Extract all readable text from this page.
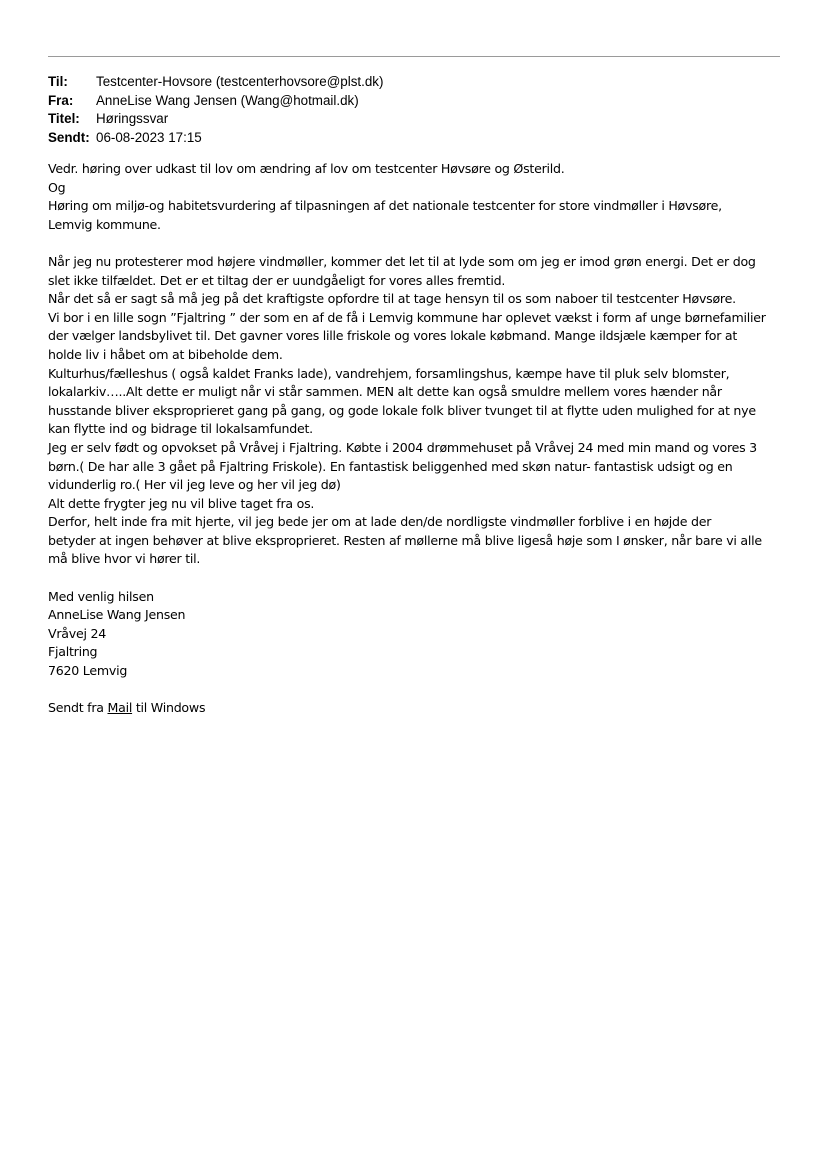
Til:	Testcenter-Hovsore (testcenterhovsore@plst.dk)
Fra:	AnneLise Wang Jensen (Wang@hotmail.dk)
Titel:	Høringssvar
Sendt: 06-08-2023 17:15

Vedr. høring over udkast til lov om ændring af lov om testcenter Høvsøre og Østerild.

Og

Høring om miljø-og habitetsvurdering af tilpasningen af det nationale testcenter for store vindmøller i Høvsøre,

Lemvig kommune.

Når jeg nu protesterer mod højere vindmøller, kommer det let til at lyde som om jeg er imod grøn energi. Det er dog

slet ikke tilfældet. Det er et tiltag der er uundgåeligt for vores alles fremtid.

Når det så er sagt så må jeg på det kraftigste opfordre til at tage hensyn til os som naboer til testcenter Høvsøre.

Vi bor i en lille sogn ”Fjaltring ” der som en af de få i Lemvig kommune har oplevet vækst i form af unge børnefamilier

der vælger landsbylivet til. Det gavner vores lille friskole og vores lokale købmand. Mange ildsjæle kæmper for at

holde liv i håbet om at bibeholde dem.

Kulturhus/fælleshus ( også kaldet Franks lade), vandrehjem, forsamlingshus, kæmpe have til pluk selv blomster,

lokalarkiv…..Alt dette er muligt når vi står sammen. MEN alt dette kan også smuldre mellem vores hænder når

husstande bliver eksproprieret gang på gang, og gode lokale folk bliver tvunget til at flytte uden mulighed for at nye

kan flytte ind og bidrage til lokalsamfundet.

Jeg er selv født og opvokset på Vråvej i Fjaltring. Købte i 2004 drømmehuset på Vråvej 24 med min mand og vores 3

børn.( De har alle 3 gået på Fjaltring Friskole). En fantastisk beliggenhed med skøn natur- fantastisk udsigt og en

vidunderlig ro.( Her vil jeg leve og her vil jeg dø)

Alt dette frygter jeg nu vil blive taget fra os.

Derfor, helt inde fra mit hjerte, vil jeg bede jer om at lade den/de nordligste vindmøller forblive i en højde der

betyder at ingen behøver at blive eksproprieret. Resten af møllerne må blive ligeså høje som I ønsker, når bare vi alle

må blive hvor vi hører til.

Med venlig hilsen

AnneLise Wang Jensen

Vråvej 24

Fjaltring

7620 Lemvig

Sendt fra Mail til Windows
